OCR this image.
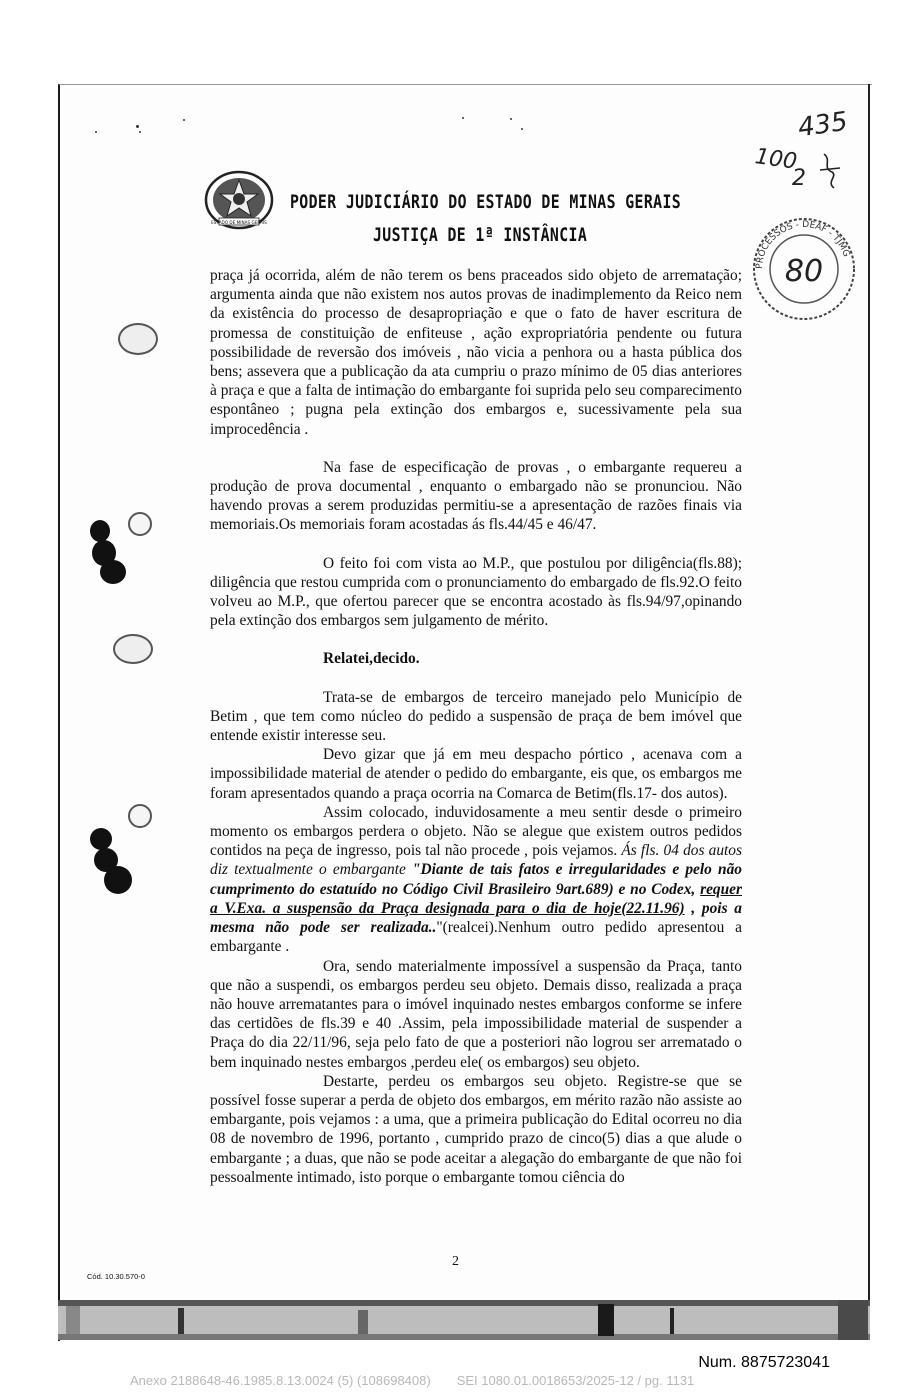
ESTADO DE MINAS GERAIS
PODER JUDICIÁRIO DO ESTADO DE MINAS GERAIS
JUSTIÇA DE 1ª INSTÂNCIA
435
100
2
PROCESSOS - DEAF - TJMG
80

praça já ocorrida, além de não terem os bens praceados sido objeto de arrematação; argumenta ainda que não existem nos autos provas de inadimplemento da Reico nem da existência do processo de desapropriação e que o fato de haver escritura de promessa de constituição de enfiteuse , ação expropriatória pendente ou futura possibilidade de reversão dos imóveis , não vicia a penhora ou a hasta pública dos bens; assevera que a publicação da ata cumpriu o prazo mínimo de 05 dias anteriores à praça e que a falta de intimação do embargante foi suprida pelo seu comparecimento espontâneo ; pugna pela extinção dos embargos e, sucessivamente pela sua improcedência .

Na fase de especificação de provas , o embargante requereu a produção de prova documental , enquanto o embargado não se pronunciou. Não havendo provas a serem produzidas permitiu-se a apresentação de razões finais via memoriais.Os memoriais foram acostadas ás fls.44/45 e 46/47.

O feito foi com vista ao M.P., que postulou por diligência(fls.88); diligência que restou cumprida com o pronunciamento do embargado de fls.92.O feito volveu ao M.P., que ofertou parecer que se encontra acostado às fls.94/97,opinando pela extinção dos embargos sem julgamento de mérito.

Relatei,decido.

Trata-se de embargos de terceiro manejado pelo Município de Betim , que tem como núcleo do pedido a suspensão de praça de bem imóvel que entende existir interesse seu.

Devo gizar que já em meu despacho pórtico , acenava com a impossibilidade material de atender o pedido do embargante, eis que, os embargos me foram apresentados quando a praça ocorria na Comarca de Betim(fls.17- dos autos).

Assim colocado, induvidosamente a meu sentir desde o primeiro momento os embargos perdera o objeto. Não se alegue que existem outros pedidos contidos na peça de ingresso, pois tal não procede , pois vejamos. Ás fls. 04 dos autos diz textualmente o embargante "Diante de tais fatos e irregularidades e pelo não cumprimento do estatuído no Código Civil Brasileiro 9art.689) e no Codex, requer a V.Exa. a suspensão da Praça designada para o dia de hoje(22.11.96) , pois a mesma não pode ser realizada.."(realcei).Nenhum outro pedido apresentou a embargante .

Ora, sendo materialmente impossível a suspensão da Praça, tanto que não a suspendi, os embargos perdeu seu objeto. Demais disso, realizada a praça não houve arrematantes para o imóvel inquinado nestes embargos conforme se infere das certidões de fls.39 e 40 .Assim, pela impossibilidade material de suspender a Praça do dia 22/11/96, seja pelo fato de que a posteriori não logrou ser arrematado o bem inquinado nestes embargos ,perdeu ele( os embargos) seu objeto.

Destarte, perdeu os embargos seu objeto. Registre-se que se possível fosse superar a perda de objeto dos embargos, em mérito razão não assiste ao embargante, pois vejamos : a uma, que a primeira publicação do Edital ocorreu no dia 08 de novembro de 1996, portanto , cumprido prazo de cinco(5) dias a que alude o embargante ; a duas, que não se pode aceitar a alegação do embargante de que não foi pessoalmente intimado, isto porque o embargante tomou ciência do

2
Cód. 10.30.570-0
Num. 8875723041
Anexo 2188648-46.1985.8.13.0024 (5) (108698408) SEI 1080.01.0018653/2025-12 / pg. 1131
